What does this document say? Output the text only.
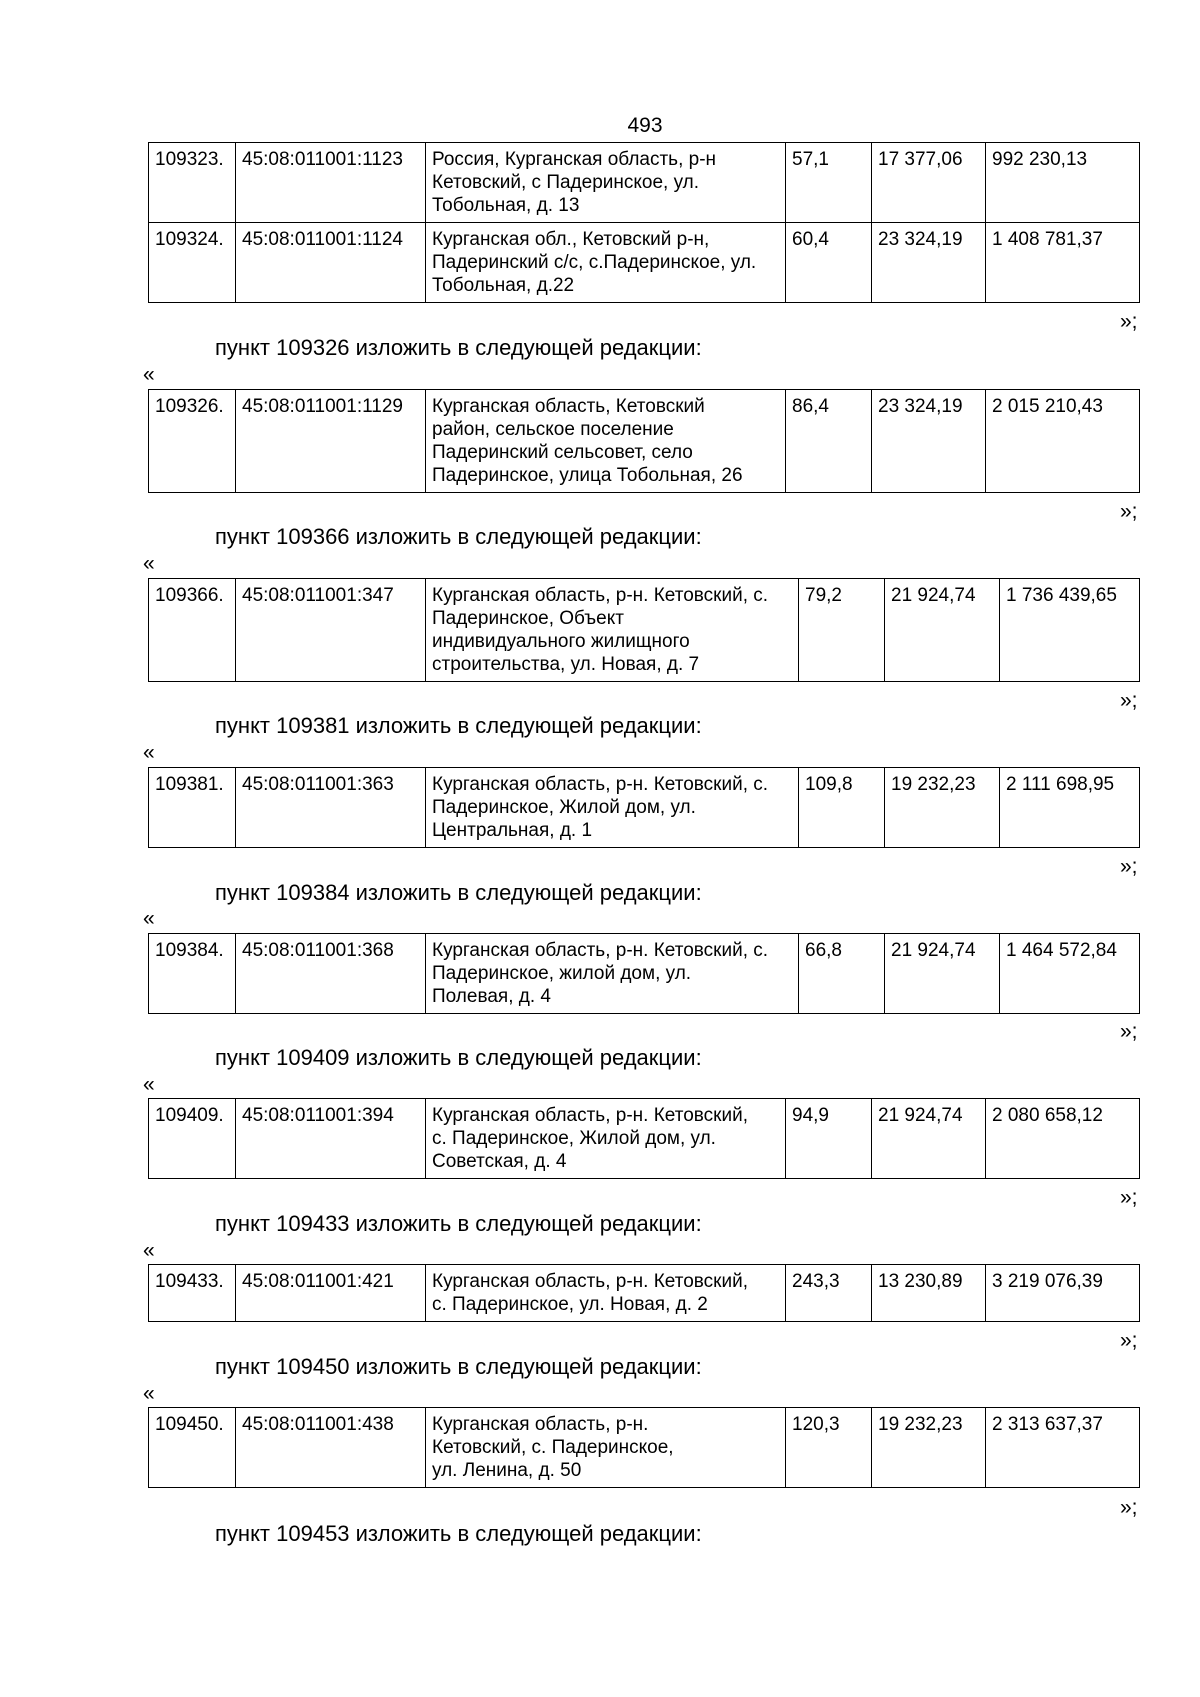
493
109323.	45:08:011001:1123	Россия, Курганская область, р-н
Кетовский, с Падеринское, ул.
Тобольная, д. 13	57,1	17 377,06	992 230,13
109324.	45:08:011001:1124	Курганская обл., Кетовский р-н,
Падеринский с/с, с.Падеринское, ул.
Тобольная, д.22	60,4	23 324,19	1 408 781,37
»;
пункт 109326 изложить в следующей редакции:
«
109326.	45:08:011001:1129	Курганская область, Кетовский
район, сельское поселение
Падеринский сельсовет, село
Падеринское, улица Тобольная, 26	86,4	23 324,19	2 015 210,43
»;
пункт 109366 изложить в следующей редакции:
«
109366.	45:08:011001:347	Курганская область, р-н. Кетовский, с.
Падеринское, Объект
индивидуального жилищного
строительства, ул. Новая, д. 7	79,2	21 924,74	1 736 439,65
»;
пункт 109381 изложить в следующей редакции:
«
109381.	45:08:011001:363	Курганская область, р-н. Кетовский, с.
Падеринское, Жилой дом, ул.
Центральная, д. 1	109,8	19 232,23	2 111 698,95
»;
пункт 109384 изложить в следующей редакции:
«
109384.	45:08:011001:368	Курганская область, р-н. Кетовский, с.
Падеринское, жилой дом, ул.
Полевая, д. 4	66,8	21 924,74	1 464 572,84
»;
пункт 109409 изложить в следующей редакции:
«
109409.	45:08:011001:394	Курганская область, р-н. Кетовский,
с. Падеринское, Жилой дом, ул.
Советская, д. 4	94,9	21 924,74	2 080 658,12
»;
пункт 109433 изложить в следующей редакции:
«
109433.	45:08:011001:421	Курганская область, р-н. Кетовский,
с. Падеринское, ул. Новая, д. 2	243,3	13 230,89	3 219 076,39
»;
пункт 109450 изложить в следующей редакции:
«
109450.	45:08:011001:438	Курганская область, р-н.
Кетовский, с. Падеринское,
ул. Ленина, д. 50	120,3	19 232,23	2 313 637,37
»;
пункт 109453 изложить в следующей редакции:
